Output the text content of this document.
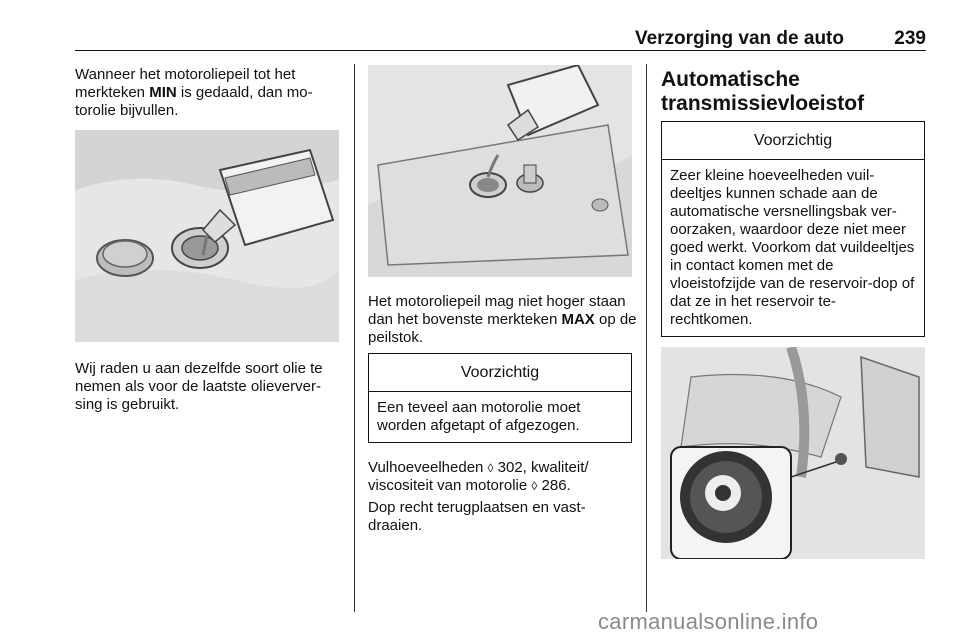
Verzorging van de auto	239
Wanneer het motoroliepeil tot het merkteken MIN is gedaald, dan mo-torolie bijvullen.
Wij raden u aan dezelfde soort olie te nemen als voor de laatste olieverver-sing is gebruikt.
Het motoroliepeil mag niet hoger staan dan het bovenste merkteken MAX op de peilstok.
Voorzichtig
Een teveel aan motorolie moet worden afgetapt of afgezogen.
Vulhoeveelheden ◊ 302, kwaliteit/ viscositeit van motorolie ◊ 286.
Dop recht terugplaatsen en vast-draaien.
Automatische transmissievloeistof
Voorzichtig
Zeer kleine hoeveelheden vuil-deeltjes kunnen schade aan de automatische versnellingsbak ver-oorzaken, waardoor deze niet meer goed werkt. Voorkom dat vuildeeltjes in contact komen met de vloeistofzijde van de reservoir-dop of dat ze in het reservoir te-rechtkomen.
carmanualsonline.info
